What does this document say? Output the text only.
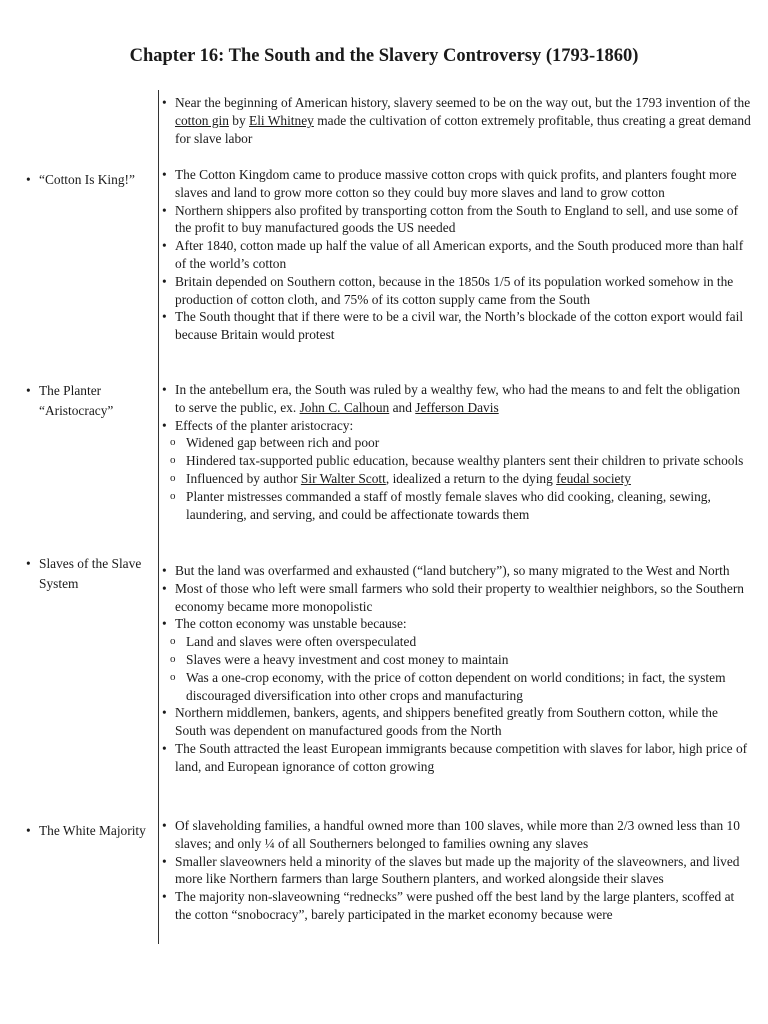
Chapter 16: The South and the Slavery Controversy (1793-1860)
• Near the beginning of American history, slavery seemed to be on the way out, but the 1793 invention of the cotton gin by Eli Whitney made the cultivation of cotton extremely profitable, thus creating a great demand for slave labor
• “Cotton Is King!”	• The Cotton Kingdom came to produce massive cotton crops with quick profits, and planters fought more slaves and land to grow more cotton so they could buy more slaves and land to grow cotton
• Northern shippers also profited by transporting cotton from the South to England to sell, and use some of the profit to buy manufactured goods the US needed
• After 1840, cotton made up half the value of all American exports, and the South produced more than half of the world’s cotton
• Britain depended on Southern cotton, because in the 1850s 1/5 of its population worked somehow in the production of cotton cloth, and 75% of its cotton supply came from the South
• The South thought that if there were to be a civil war, the North’s blockade of the cotton export would fail because Britain would protest
• The Planter “Aristocracy”
• In the antebellum era, the South was ruled by a wealthy few, who had the means to and felt the obligation to serve the public, ex. John C. Calhoun and Jefferson Davis
• Effects of the planter aristocracy:
o Widened gap between rich and poor
o Hindered tax-supported public education, because wealthy planters sent their children to private schools
o Influenced by author Sir Walter Scott, idealized a return to the dying feudal society
o Planter mistresses commanded a staff of mostly female slaves who did cooking, cleaning, sewing, laundering, and serving, and could be affectionate towards them
• Slaves of the Slave System
• But the land was overfarmed and exhausted (“land butchery”), so many migrated to the West and North
• Most of those who left were small farmers who sold their property to wealthier neighbors, so the Southern economy became more monopolistic
• The cotton economy was unstable because:
o Land and slaves were often overspeculated
o Slaves were a heavy investment and cost money to maintain
o Was a one-crop economy, with the price of cotton dependent on world conditions; in fact, the system discouraged diversification into other crops and manufacturing
• Northern middlemen, bankers, agents, and shippers benefited greatly from Southern cotton, while the South was dependent on manufactured goods from the North
• The South attracted the least European immigrants because competition with slaves for labor, high price of land, and European ignorance of cotton growing
• The White Majority	• Of slaveholding families, a handful owned more than 100 slaves, while more than 2/3 owned less than 10 slaves; and only ¼ of all Southerners belonged to families owning any slaves
• Smaller slaveowners held a minority of the slaves but made up the majority of the slaveowners, and lived more like Northern farmers than large Southern planters, and worked alongside their slaves
• The majority non-slaveowning “rednecks” were pushed off the best land by the large planters, scoffed at the cotton “snobocracy”, barely participated in the market economy because were
